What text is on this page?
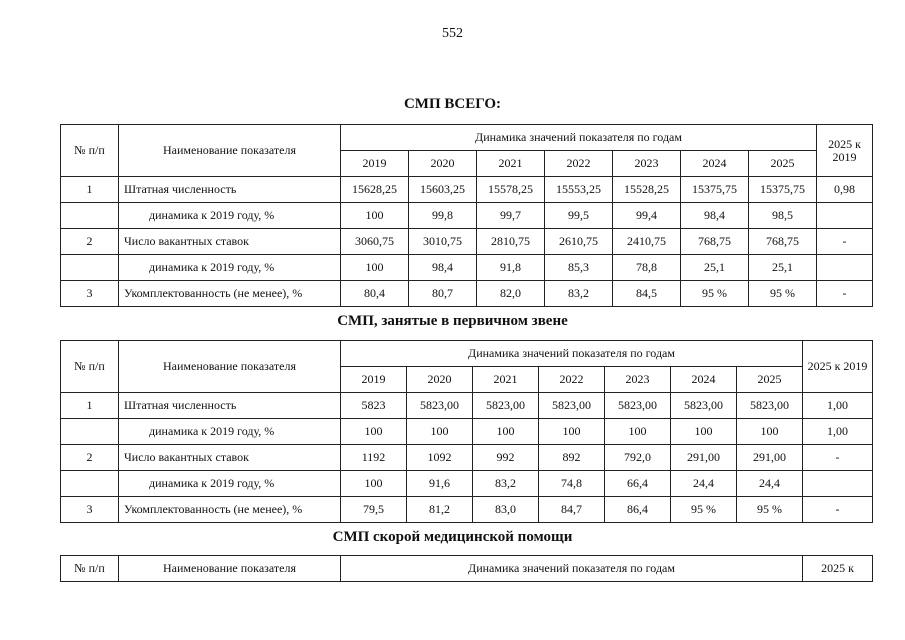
552
СМП ВСЕГО:
№ п/п	Наименование показателя	Динамика значений показателя по годам							2025 к 2019
		2019	2020	2021	2022	2023	2024	2025	
1	Штатная численность	15628,25	15603,25	15578,25	15553,25	15528,25	15375,75	15375,75	0,98
	динамика к 2019 году, %	100	99,8	99,7	99,5	99,4	98,4	98,5	
2	Число вакантных ставок	3060,75	3010,75	2810,75	2610,75	2410,75	768,75	768,75	-
	динамика к 2019 году, %	100	98,4	91,8	85,3	78,8	25,1	25,1	
3	Укомплектованность (не менее), %	80,4	80,7	82,0	83,2	84,5	95 %	95 %	-
СМП, занятые в первичном звене
№ п/п	Наименование показателя	Динамика значений показателя по годам							2025 к 2019
		2019	2020	2021	2022	2023	2024	2025	
1	Штатная численность	5823	5823,00	5823,00	5823,00	5823,00	5823,00	5823,00	1,00
	динамика к 2019 году, %	100	100	100	100	100	100	100	1,00
2	Число вакантных ставок	1192	1092	992	892	792,0	291,00	291,00	-
	динамика к 2019 году, %	100	91,6	83,2	74,8	66,4	24,4	24,4	
3	Укомплектованность (не менее), %	79,5	81,2	83,0	84,7	86,4	95 %	95 %	-
СМП скорой медицинской помощи
№ п/п	Наименование показателя	Динамика значений показателя по годам	2025 к
